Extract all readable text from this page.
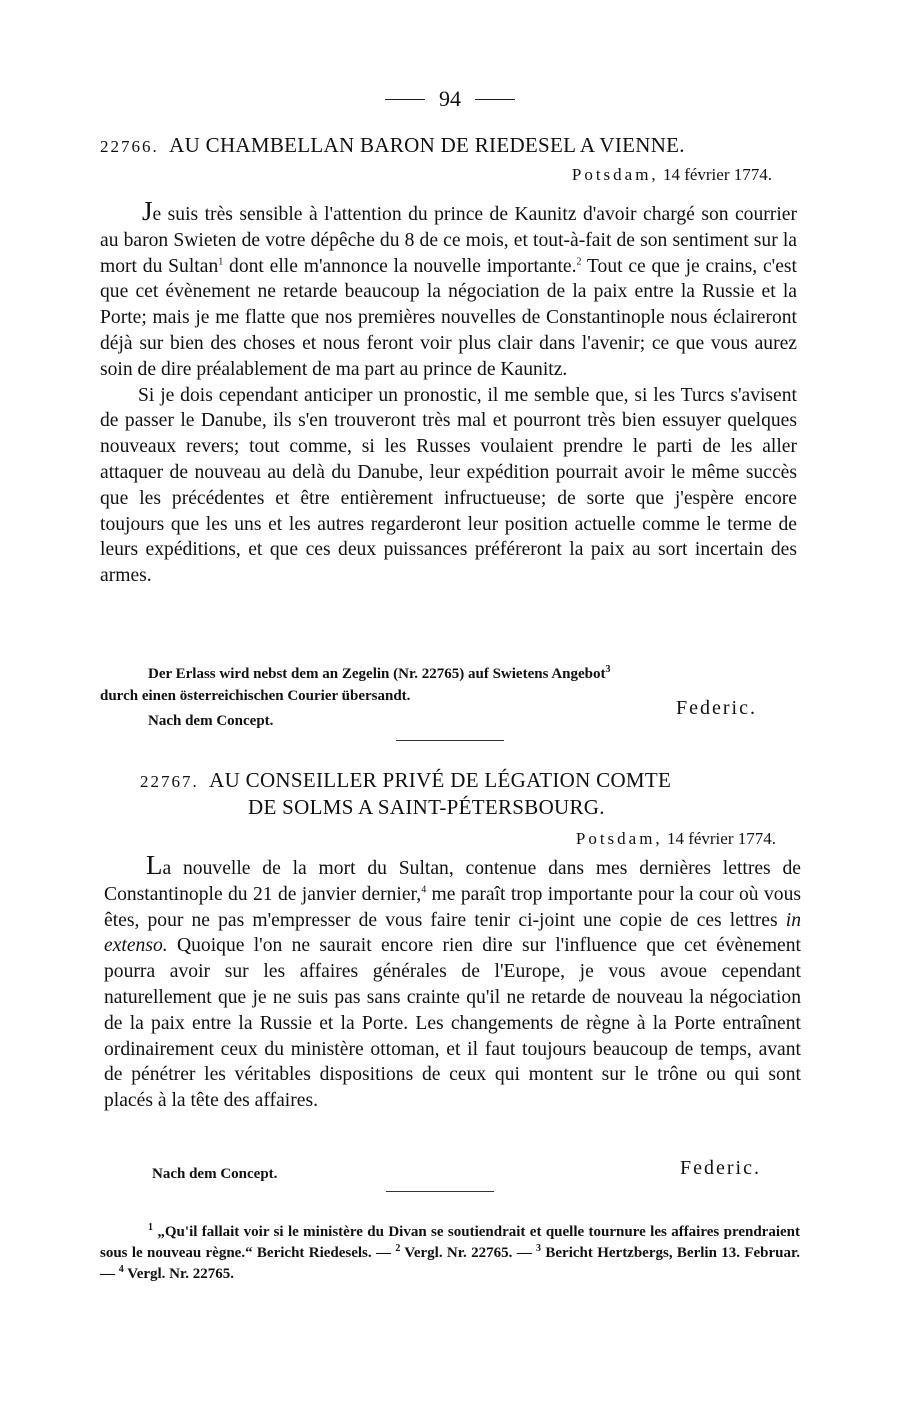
94
22766. AU CHAMBELLAN BARON DE RIEDESEL A VIENNE.
Potsdam, 14 février 1774.

Je suis très sensible à l'attention du prince de Kaunitz d'avoir chargé son courrier au baron Swieten de votre dépêche du 8 de ce mois, et tout-à-fait de son sentiment sur la mort du Sultan$^1$ dont elle m'annonce la nouvelle importante.$^2$ Tout ce que je crains, c'est que cet évènement ne retarde beaucoup la négociation de la paix entre la Russie et la Porte; mais je me flatte que nos premières nouvelles de Constantinople nous éclaireront déjà sur bien des choses et nous feront voir plus clair dans l'avenir; ce que vous aurez soin de dire préalablement de ma part au prince de Kaunitz.

Si je dois cependant anticiper un pronostic, il me semble que, si les Turcs s'avisent de passer le Danube, ils s'en trouveront très mal et pourront très bien essuyer quelques nouveaux revers; tout comme, si les Russes voulaient prendre le parti de les aller attaquer de nouveau au delà du Danube, leur expédition pourrait avoir le même succès que les précédentes et être entièrement infructueuse; de sorte que j'espère encore toujours que les uns et les autres regarderont leur position actuelle comme le terme de leurs expéditions, et que ces deux puissances préféreront la paix au sort incertain des armes.

Der Erlass wird nebst dem an Zegelin (Nr. 22765) auf Swietens Angebot$^3$
durch einen österreichischen Courier übersandt.
Federic.
Nach dem Concept.
22767. AU CONSEILLER PRIVÉ DE LÉGATION COMTE
DE SOLMS A SAINT-PÉTERSBOURG.
Potsdam, 14 février 1774.

La nouvelle de la mort du Sultan, contenue dans mes dernières lettres de Constantinople du 21 de janvier dernier,$^4$ me paraît trop importante pour la cour où vous êtes, pour ne pas m'empresser de vous faire tenir ci-joint une copie de ces lettres in extenso. Quoique l'on ne saurait encore rien dire sur l'influence que cet évènement pourra avoir sur les affaires générales de l'Europe, je vous avoue cependant naturellement que je ne suis pas sans crainte qu'il ne retarde de nouveau la négociation de la paix entre la Russie et la Porte. Les changements de règne à la Porte entraînent ordinairement ceux du ministère ottoman, et il faut toujours beaucoup de temps, avant de pénétrer les véritables dispositions de ceux qui montent sur le trône ou qui sont placés à la tête des affaires.

Nach dem Concept.	Federic.

$^1$ „Qu'il fallait voir si le ministère du Divan se soutiendrait et quelle tournure les affaires prendraient sous le nouveau règne.“ Bericht Riedesels. — $^2$ Vergl. Nr. 22765. — $^3$ Bericht Hertzbergs, Berlin 13. Februar. — $^4$ Vergl. Nr. 22765.
